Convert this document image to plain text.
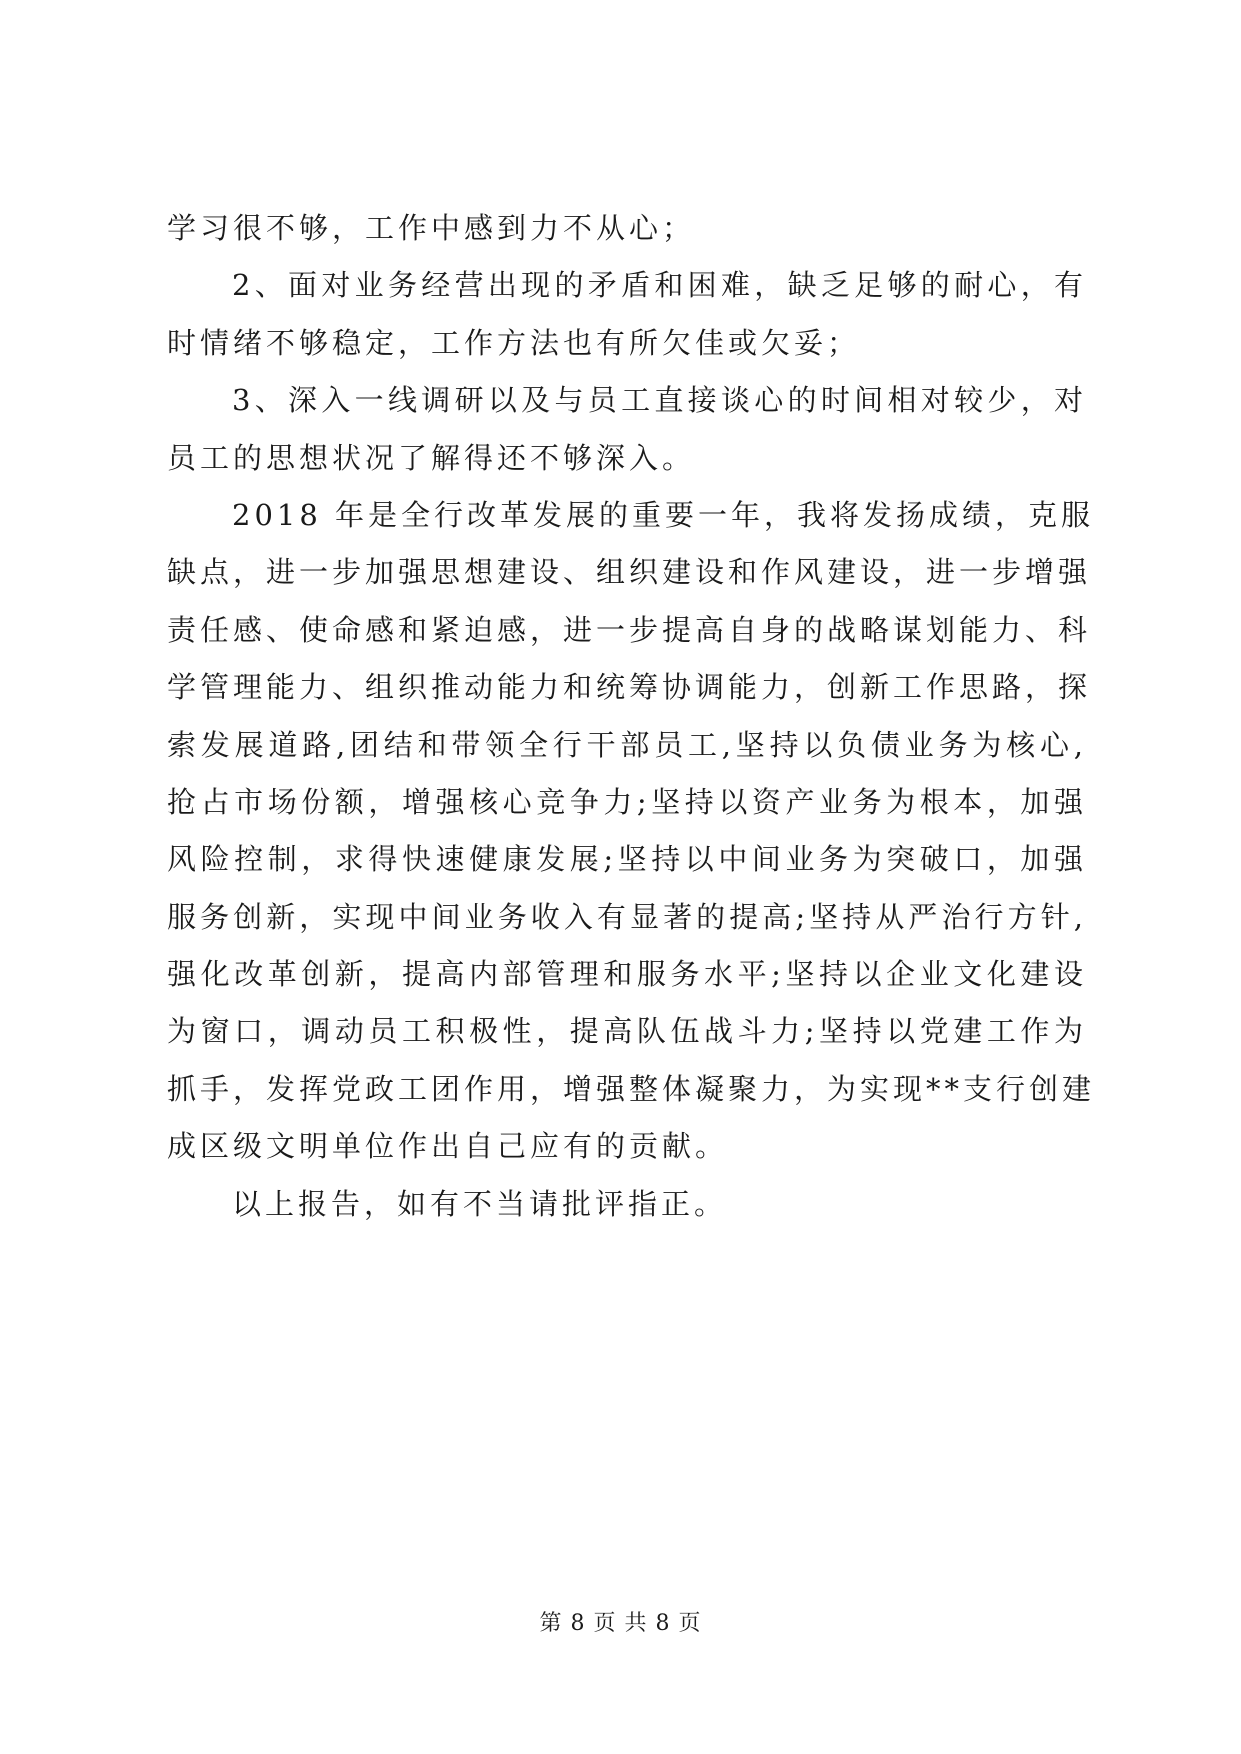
学习很不够，工作中感到力不从心；
2、面对业务经营出现的矛盾和困难，缺乏足够的耐心，有
时情绪不够稳定，工作方法也有所欠佳或欠妥；
3、深入一线调研以及与员工直接谈心的时间相对较少，对
员工的思想状况了解得还不够深入。
2018 年是全行改革发展的重要一年，我将发扬成绩，克服
缺点，进一步加强思想建设、组织建设和作风建设，进一步增强
责任感、使命感和紧迫感，进一步提高自身的战略谋划能力、科
学管理能力、组织推动能力和统筹协调能力，创新工作思路，探
索发展道路,团结和带领全行干部员工,坚持以负债业务为核心,
抢占市场份额，增强核心竞争力;坚持以资产业务为根本，加强
风险控制，求得快速健康发展;坚持以中间业务为突破口，加强
服务创新，实现中间业务收入有显著的提高;坚持从严治行方针,
强化改革创新，提高内部管理和服务水平;坚持以企业文化建设
为窗口，调动员工积极性，提高队伍战斗力;坚持以党建工作为
抓手，发挥党政工团作用，增强整体凝聚力，为实现**支行创建
成区级文明单位作出自己应有的贡献。
以上报告，如有不当请批评指正。
第 8 页 共 8 页
